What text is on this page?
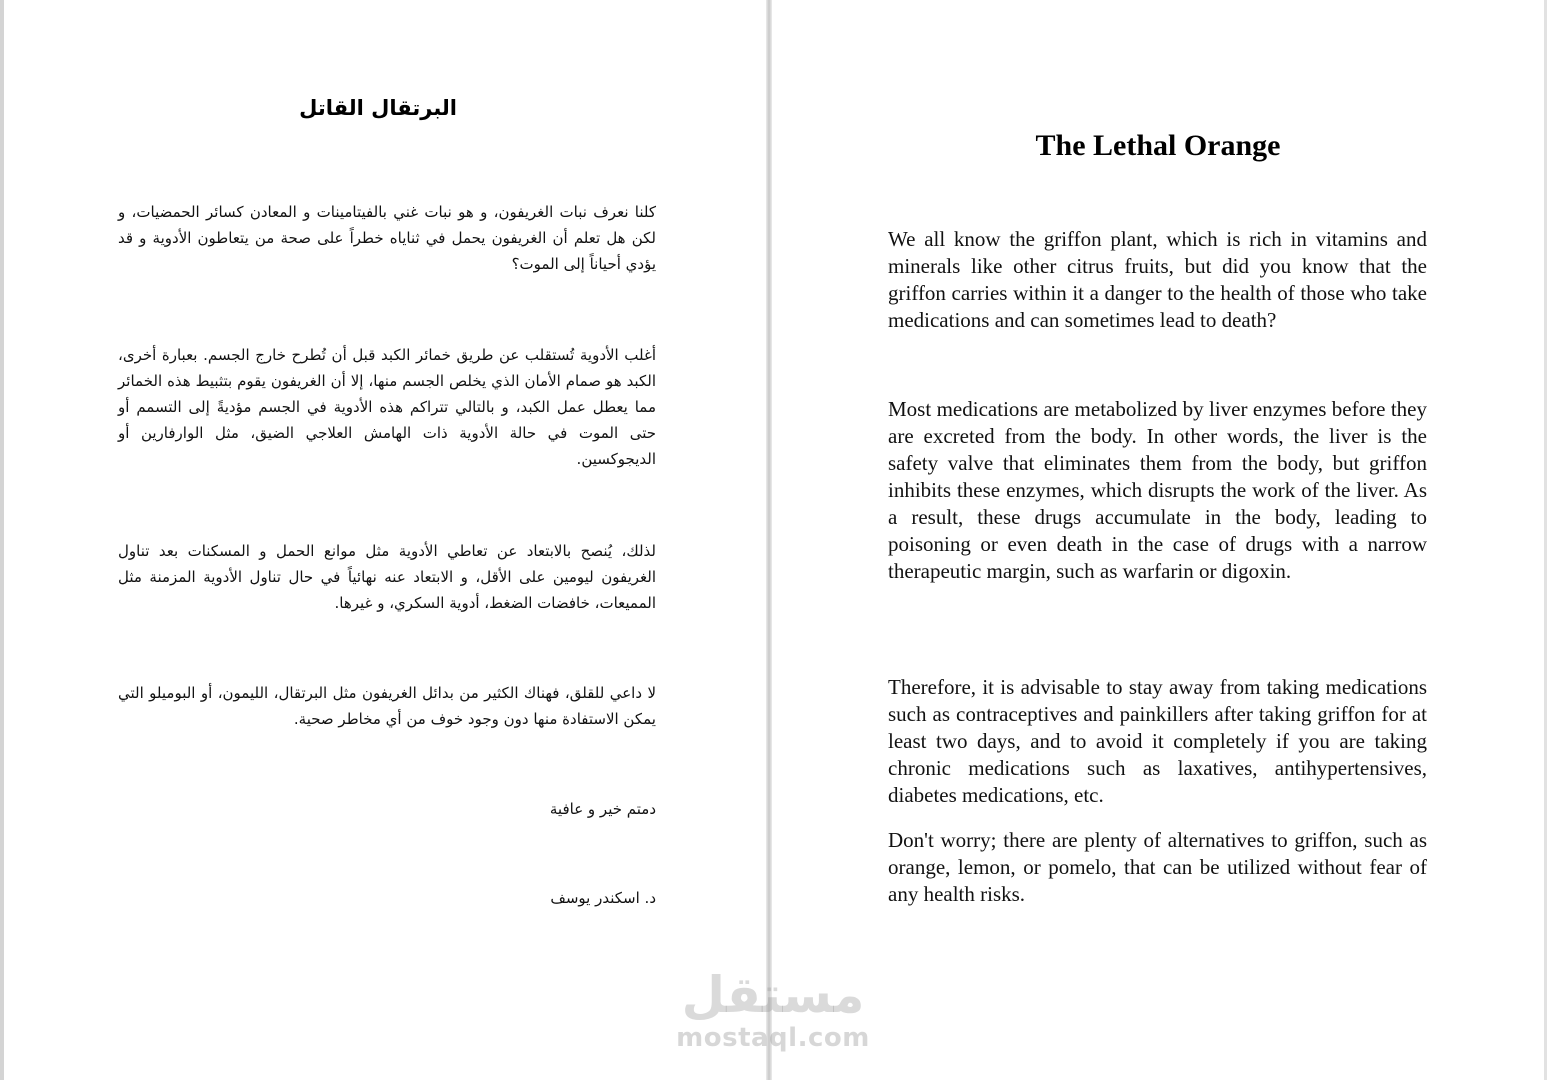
البرتقال القاتل

كلنا نعرف نبات الغريفون، و هو نبات غني بالفيتامينات و المعادن كسائر الحمضيات، و لكن هل تعلم أن الغريفون يحمل في ثناياه خطراً على صحة من يتعاطون الأدوية و قد يؤدي أحياناً إلى الموت؟

أغلب الأدوية تُستقلب عن طريق خمائر الكبد قبل أن تُطرح خارج الجسم. بعبارة أخرى، الكبد هو صمام الأمان الذي يخلص الجسم منها، إلا أن الغريفون يقوم بتثبيط هذه الخمائر مما يعطل عمل الكبد، و بالتالي تتراكم هذه الأدوية في الجسم مؤديةً إلى التسمم أو حتى الموت في حالة الأدوية ذات الهامش العلاجي الضيق، مثل الوارفارين أو الديجوكسين.

لذلك، يُنصح بالابتعاد عن تعاطي الأدوية مثل موانع الحمل و المسكنات بعد تناول الغريفون ليومين على الأقل، و الابتعاد عنه نهائياً في حال تناول الأدوية المزمنة مثل المميعات، خافضات الضغط، أدوية السكري، و غيرها.

لا داعي للقلق، فهناك الكثير من بدائل الغريفون مثل البرتقال، الليمون، أو البوميلو التي يمكن الاستفادة منها دون وجود خوف من أي مخاطر صحية.

دمتم خير و عافية

د. اسكندر يوسف

The Lethal Orange

We all know the griffon plant, which is rich in vitamins and minerals like other citrus fruits, but did you know that the griffon carries within it a danger to the health of those who take medications and can sometimes lead to death?

Most medications are metabolized by liver enzymes before they are excreted from the body. In other words, the liver is the safety valve that eliminates them from the body, but griffon inhibits these enzymes, which disrupts the work of the liver. As a result, these drugs accumulate in the body, leading to poisoning or even death in the case of drugs with a narrow therapeutic margin, such as warfarin or digoxin.

Therefore, it is advisable to stay away from taking medications such as contraceptives and painkillers after taking griffon for at least two days, and to avoid it completely if you are taking chronic medications such as laxatives, antihypertensives, diabetes medications, etc.

Don't worry; there are plenty of alternatives to griffon, such as orange, lemon, or pomelo, that can be utilized without fear of any health risks.

مستقل
mostaql.com
